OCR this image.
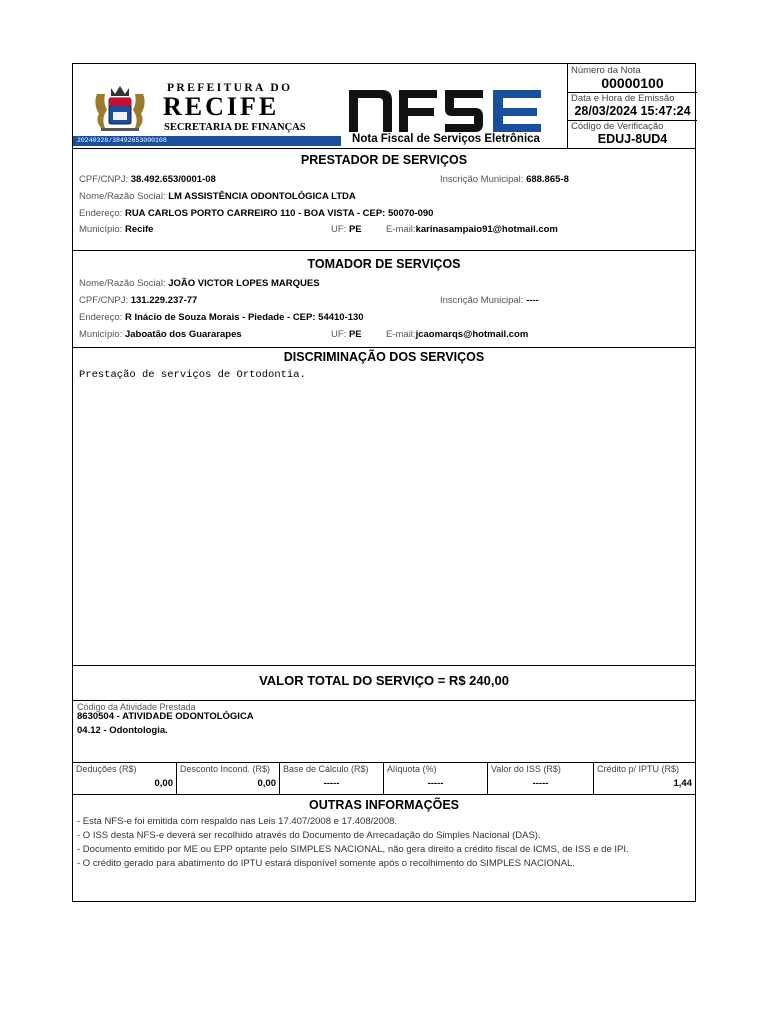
PREFEITURA DO
RECIFE
SECRETARIA DE FINANÇAS
20240328/38492653000108	Nota Fiscal de Serviços Eletrônica
Número da Nota
00000100
Data e Hora de Emissão
28/03/2024 15:47:24
Código de Verificação
EDUJ-8UD4
PRESTADOR DE SERVIÇOS
CPF/CNPJ: 38.492.653/0001-08	Inscrição Municipal: 688.865-8
Nome/Razão Social: LM ASSISTÊNCIA ODONTOLÓGICA LTDA
Endereço: RUA CARLOS PORTO CARREIRO 110 - BOA VISTA - CEP: 50070-090
Município: Recife	UF: PE	E-mail:karinasampaio91@hotmail.com
TOMADOR DE SERVIÇOS
Nome/Razão Social: JOÃO VICTOR LOPES MARQUES
CPF/CNPJ: 131.229.237-77	Inscrição Municipal: ----
Endereço: R Inácio de Souza Morais - Piedade - CEP: 54410-130
Município: Jaboatão dos Guararapes	UF: PE	E-mail:jcaomarqs@hotmail.com
DISCRIMINAÇÃO DOS SERVIÇOS
Prestação de serviços de Ortodontia.
VALOR TOTAL DO SERVIÇO = R$ 240,00
Código da Atividade Prestada
8630504 - ATIVIDADE ODONTOLÓGICA
04.12 - Odontologia.
Deduções (R$)
0,00
Desconto Incond. (R$)
0,00
Base de Cálculo (R$)
-----
Alíquota (%)
-----
Valor do ISS (R$)
-----
Crédito p/ IPTU (R$)
1,44
OUTRAS INFORMAÇÕES
- Esta NFS-e foi emitida com respaldo nas Leis 17.407/2008 e 17.408/2008.
- O ISS desta NFS-e deverá ser recolhido através do Documento de Arrecadação do Simples Nacional (DAS).
- Documento emitido por ME ou EPP optante pelo SIMPLES NACIONAL, não gera direito a crédito fiscal de ICMS, de ISS e de IPI.
- O crédito gerado para abatimento do IPTU estará disponível somente após o recolhimento do SIMPLES NACIONAL.
